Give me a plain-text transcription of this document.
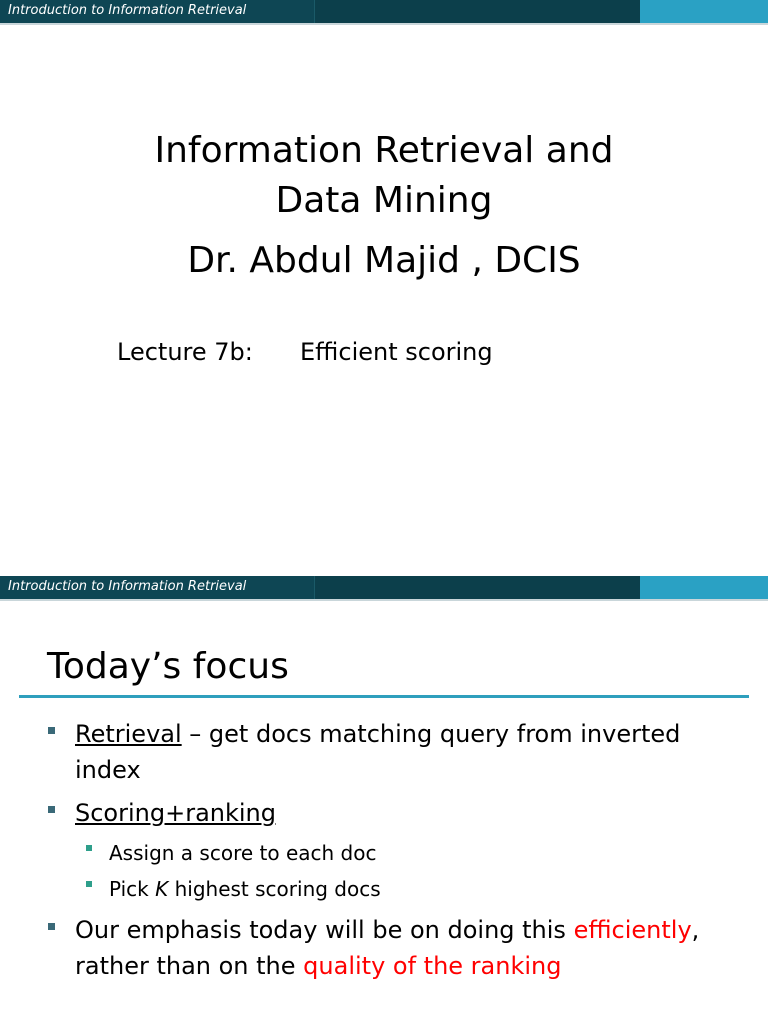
Introduction to Information Retrieval
Information Retrieval and
Data Mining
Dr. Abdul Majid , DCIS
Lecture 7b: Efficient scoring
Introduction to Information Retrieval
Today’s focus
Retrieval – get docs matching query from inverted
index
Scoring+ranking
Assign a score to each doc
Pick K highest scoring docs
Our emphasis today will be on doing this efficiently,
rather than on the quality of the ranking
